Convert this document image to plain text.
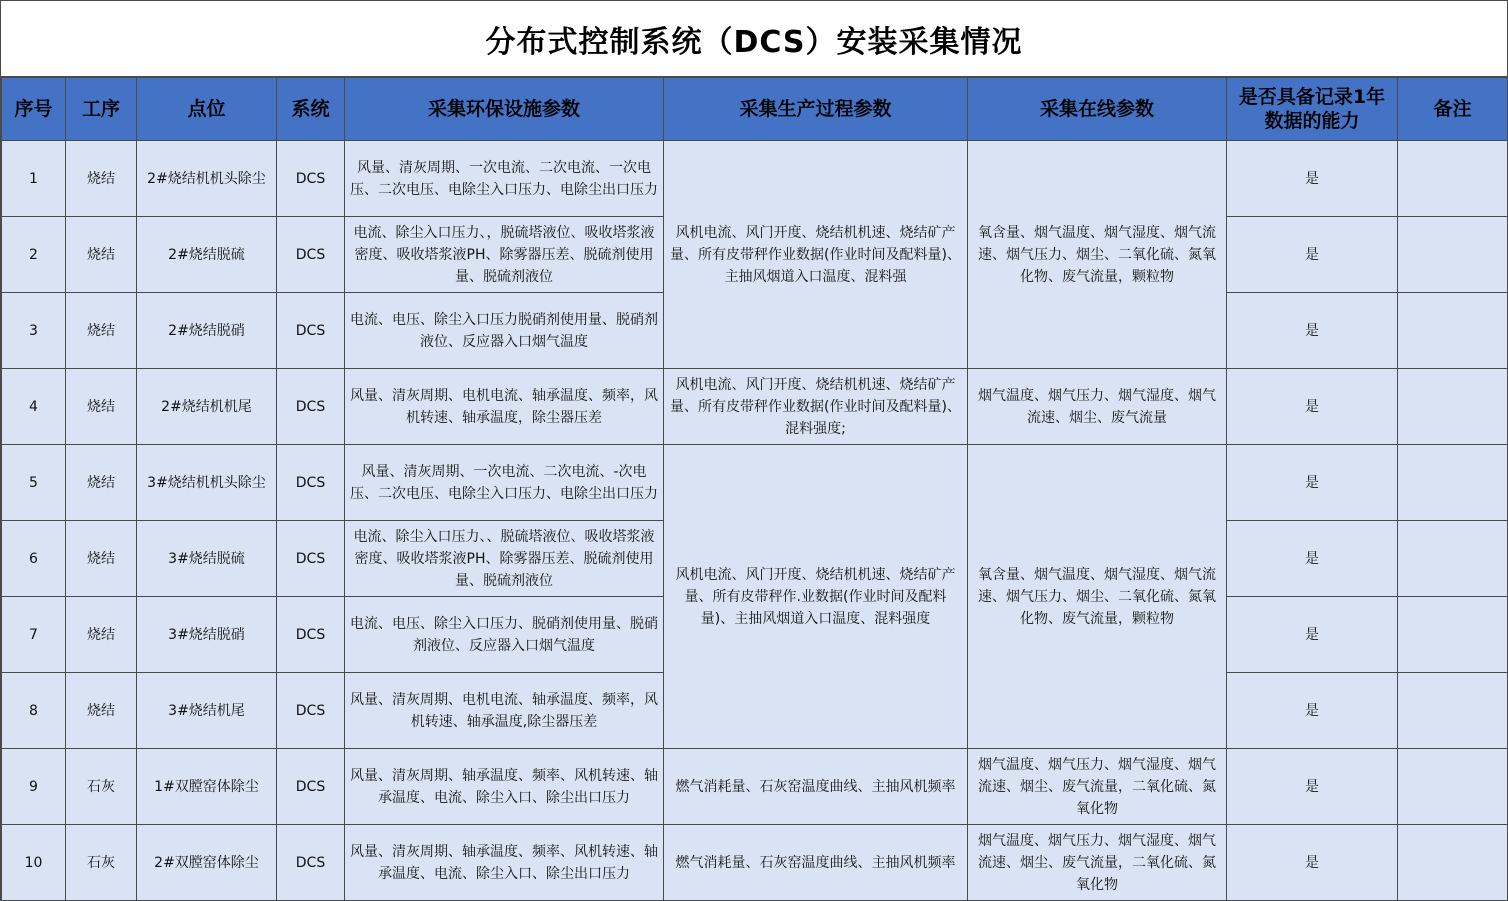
分布式控制系统（DCS）安装采集情况
序号	工序	点位	系统	采集环保设施参数	采集生产过程参数	采集在线参数	是否具备记录1年数据的能力	备注
1	烧结	2#烧结机机头除尘	DCS	风量、清灰周期、一次电流、二次电流、一次电压、二次电压、电除尘入口压力、电除尘出口压力	风机电流、风门开度、烧结机机速、烧结矿产量、所有皮带秤作业数据(作业时间及配料量)、主抽风烟道入口温度、混料强	氧含量、烟气温度、烟气湿度、烟气流速、烟气压力、烟尘、二氧化硫、氮氧化物、废气流量，颗粒物	是	
2	烧结	2#烧结脱硫	DCS	电流、除尘入口压力、，脱硫塔液位、吸收塔浆液密度、吸收塔浆液PH、除雾器压差、脱硫剂使用量、脱硫剂液位			是	
3	烧结	2#烧结脱硝	DCS	电流、电压、除尘入口压力脱硝剂使用量、脱硝剂液位、反应器入口烟气温度			是	
4	烧结	2#烧结机机尾	DCS	风量、清灰周期、电机电流、轴承温度、频率，风机转速、轴承温度，除尘器压差	风机电流、风门开度、烧结机机速、烧结矿产量、所有皮带秤作业数据(作业时间及配料量)、混料强度;	烟气温度、烟气压力、烟气湿度、烟气流速、烟尘、废气流量	是	
5	烧结	3#烧结机机头除尘	DCS	风量、清灰周期、一次电流、二次电流、-次电压、二次电压、电除尘入口压力、电除尘出口压力	风机电流、风门开度、烧结机机速、烧结矿产量、所有皮带秤作.业数据(作业时间及配料量)、主抽风烟道入口温度、混料强度	氧含量、烟气温度、烟气湿度、烟气流速、烟气压力、烟尘、二氧化硫、氮氧化物、废气流量，颗粒物	是	
6	烧结	3#烧结脱硫	DCS	电流、除尘入口压力、、脱硫塔液位、吸收塔浆液密度、吸收塔浆液PH、除雾器压差、脱硫剂使用量、脱硫剂液位			是	
7	烧结	3#烧结脱硝	DCS	电流、电压、除尘入口压力、脱硝剂使用量、脱硝剂液位、反应器入口烟气温度			是	
8	烧结	3#烧结机尾	DCS	风量、清灰周期、电机电流、轴承温度、频率，风机转速、轴承温度,除尘器压差			是	
9	石灰	1#双膛窑体除尘	DCS	风量、清灰周期、轴承温度、频率、风机转速、轴承温度、电流、除尘入口、除尘出口压力	燃气消耗量、石灰窑温度曲线、主抽风机频率	烟气温度、烟气压力、烟气湿度、烟气流速、烟尘、废气流量，二氧化硫、氮氧化物	是	
10	石灰	2#双膛窑体除尘	DCS	风量、清灰周期、轴承温度、频率、风机转速、轴承温度、电流、除尘入口、除尘出口压力	燃气消耗量、石灰窑温度曲线、主抽风机频率	烟气温度、烟气压力、烟气湿度、烟气流速、烟尘、废气流量，二氧化硫、氮氧化物	是	
